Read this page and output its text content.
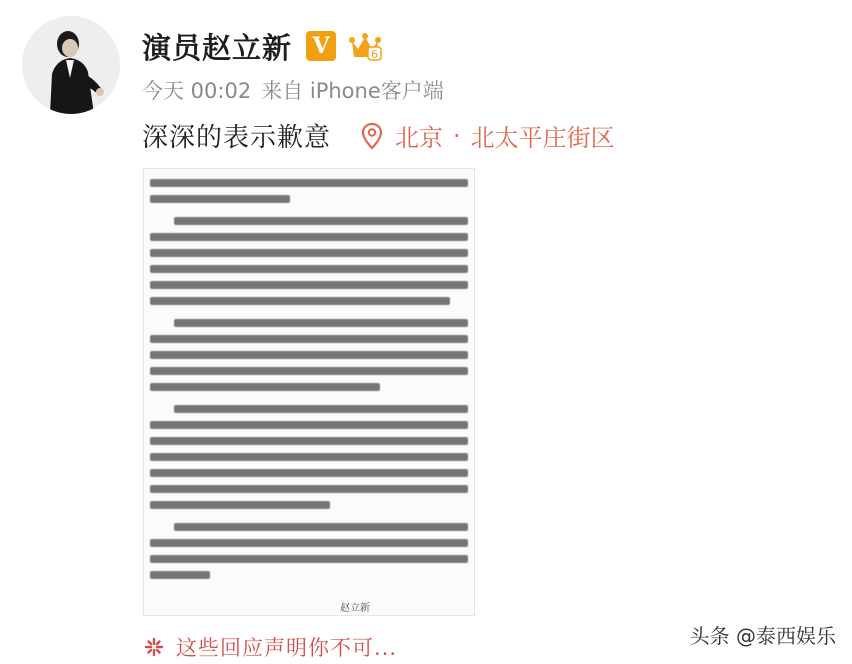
演员赵立新 V	6
今天 00:02 来自 iPhone客户端
深深的表示歉意	北京 · 北太平庄街区
赵立新
这些回应声明你不可...	头条 @泰西娱乐
